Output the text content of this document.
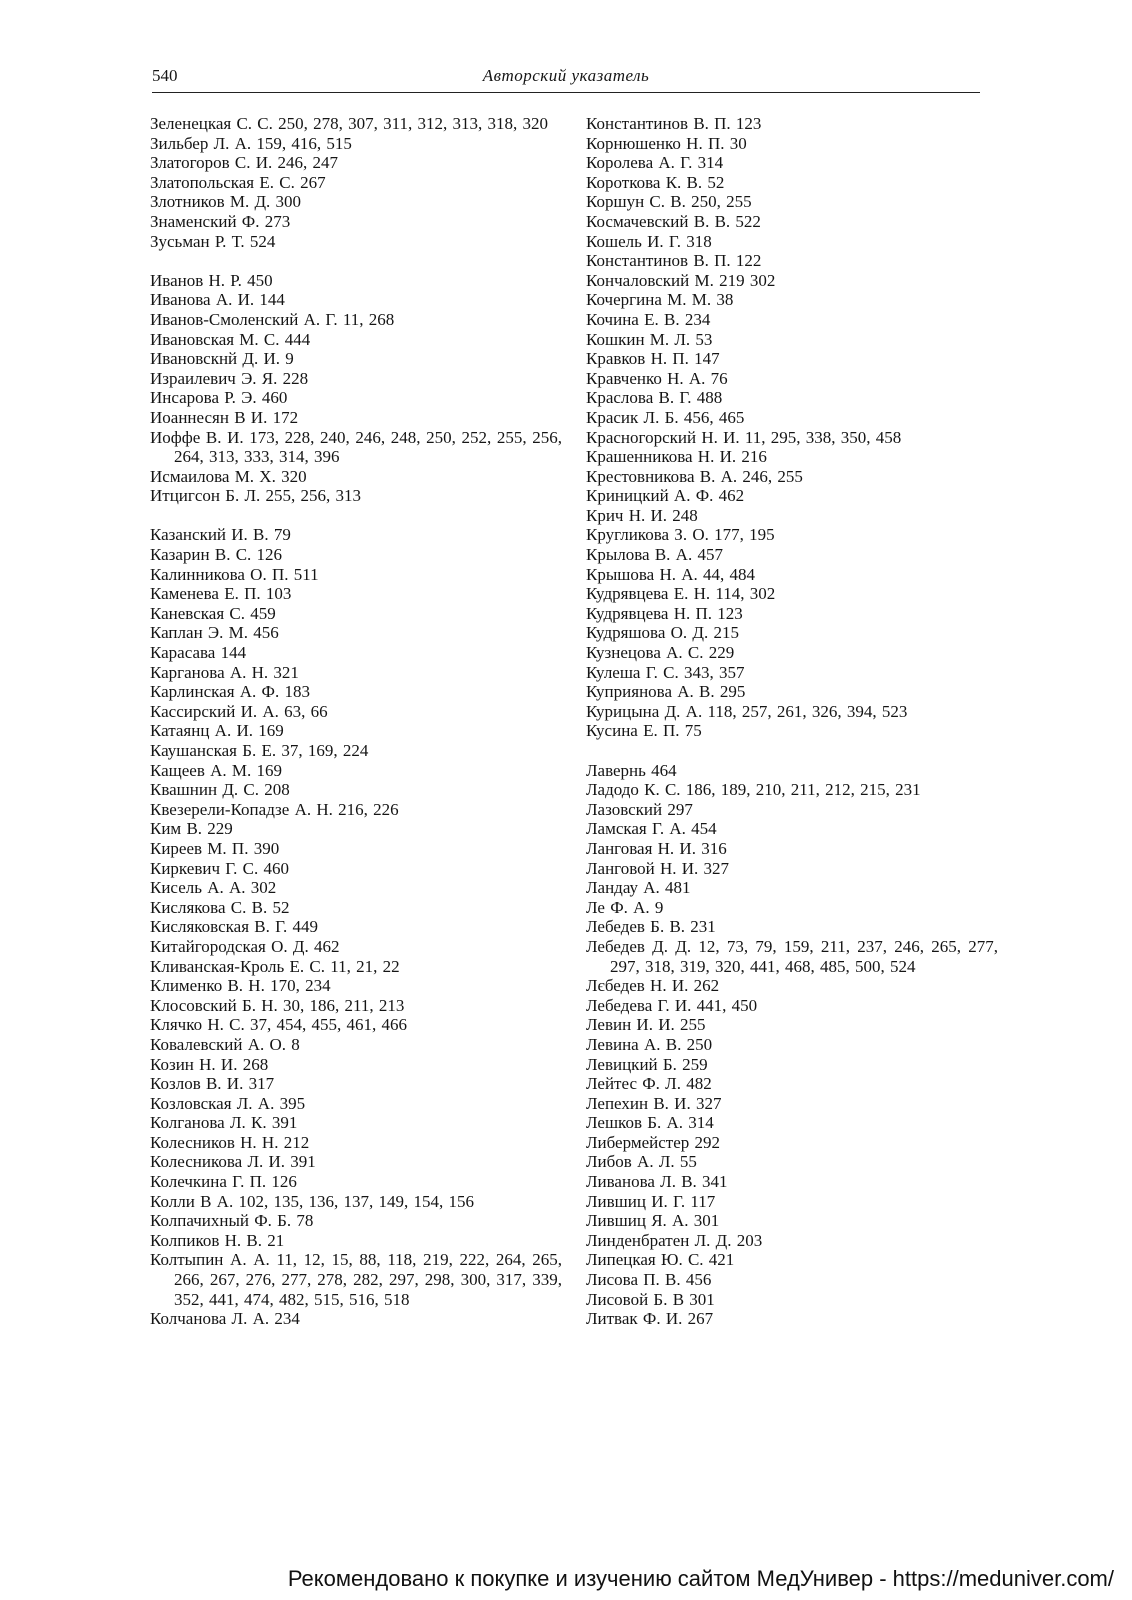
540	Авторский указатель
Зеленецкая С. С. 250, 278, 307, 311, 312, 313, 318, 320
Зильбер Л. А. 159, 416, 515
Златогоров С. И. 246, 247
Златопольская Е. С. 267
Злотников М. Д. 300
Знаменский Ф. 273
Зусьман Р. Т. 524
Иванов Н. Р. 450
Иванова А. И. 144
Иванов-Смоленский А. Г. 11, 268
Ивановская М. С. 444
Ивановскнй Д. И. 9
Израилевич Э. Я. 228
Инсарова Р. Э. 460
Иоаннесян В И. 172
Иоффе В. И. 173, 228, 240, 246, 248, 250, 252, 255, 256, 264, 313, 333, 314, 396
Исмаилова М. Х. 320
Итцигсон Б. Л. 255, 256, 313
Казанский И. В. 79
Казарин В. С. 126
Калинникова О. П. 511
Каменева Е. П. 103
Каневская С. 459
Каплан Э. М. 456
Карасава 144
Карганова А. Н. 321
Карлинская А. Ф. 183
Кассирский И. А. 63, 66
Катаянц А. И. 169
Каушанская Б. Е. 37, 169, 224
Кащеев А. М. 169
Квашнин Д. С. 208
Квезерели-Копадзе А. Н. 216, 226
Ким В. 229
Киреев М. П. 390
Киркевич Г. С. 460
Кисель А. А. 302
Кислякова С. В. 52
Кисляковская В. Г. 449
Китайгородская О. Д. 462
Кливанская-Кроль Е. С. 11, 21, 22
Клименко В. Н. 170, 234
Клосовский Б. Н. 30, 186, 211, 213
Клячко Н. С. 37, 454, 455, 461, 466
Ковалевский А. О. 8
Козин Н. И. 268
Козлов В. И. 317
Козловская Л. А. 395
Колганова Л. К. 391
Колесников Н. Н. 212
Колесникова Л. И. 391
Колечкина Г. П. 126
Колли В А. 102, 135, 136, 137, 149, 154, 156
Колпачихный Ф. Б. 78
Колпиков Н. В. 21
Колтыпин А. А. 11, 12, 15, 88, 118, 219, 222, 264, 265, 266, 267, 276, 277, 278, 282, 297, 298, 300, 317, 339, 352, 441, 474, 482, 515, 516, 518
Колчанова Л. А. 234
Константинов В. П. 123
Корнюшенко Н. П. 30
Королева А. Г. 314
Короткова К. В. 52
Коршун С. В. 250, 255
Космачевский В. В. 522
Кошель И. Г. 318
Константинов В. П. 122
Кончаловский М. 219 302
Кочергина М. М. 38
Кочина Е. В. 234
Кошкин М. Л. 53
Кравков Н. П. 147
Кравченко Н. А. 76
Краслова В. Г. 488
Красик Л. Б. 456, 465
Красногорский Н. И. 11, 295, 338, 350, 458
Крашенникова Н. И. 216
Крестовникова В. А. 246, 255
Криницкий А. Ф. 462
Крич Н. И. 248
Кругликова З. О. 177, 195
Крылова В. А. 457
Крышова Н. А. 44, 484
Кудрявцева Е. Н. 114, 302
Кудрявцева Н. П. 123
Кудряшова О. Д. 215
Кузнецова А. С. 229
Кулеша Г. С. 343, 357
Куприянова А. В. 295
Курицына Д. А. 118, 257, 261, 326, 394, 523
Кусина Е. П. 75
Лавернь 464
Ладодо К. С. 186, 189, 210, 211, 212, 215, 231
Лазовский 297
Ламская Г. А. 454
Ланговая Н. И. 316
Ланговой Н. И. 327
Ландау А. 481
Ле Ф. А. 9
Лебедев Б. В. 231
Лебедев Д. Д. 12, 73, 79, 159, 211, 237, 246, 265, 277, 297, 318, 319, 320, 441, 468, 485, 500, 524
Лєбедев Н. И. 262
Лебедева Г. И. 441, 450
Левин И. И. 255
Левина А. В. 250
Левицкий Б. 259
Лейтес Ф. Л. 482
Лепехин В. И. 327
Лешков Б. А. 314
Либермейстер 292
Либов А. Л. 55
Ливанова Л. В. 341
Лившиц И. Г. 117
Лившиц Я. А. 301
Линденбратен Л. Д. 203
Липецкая Ю. С. 421
Лисова П. В. 456
Лисовой Б. В 301
Литвак Ф. И. 267
Рекомендовано к покупке и изучению сайтом МедУнивер - https://meduniver.com/
